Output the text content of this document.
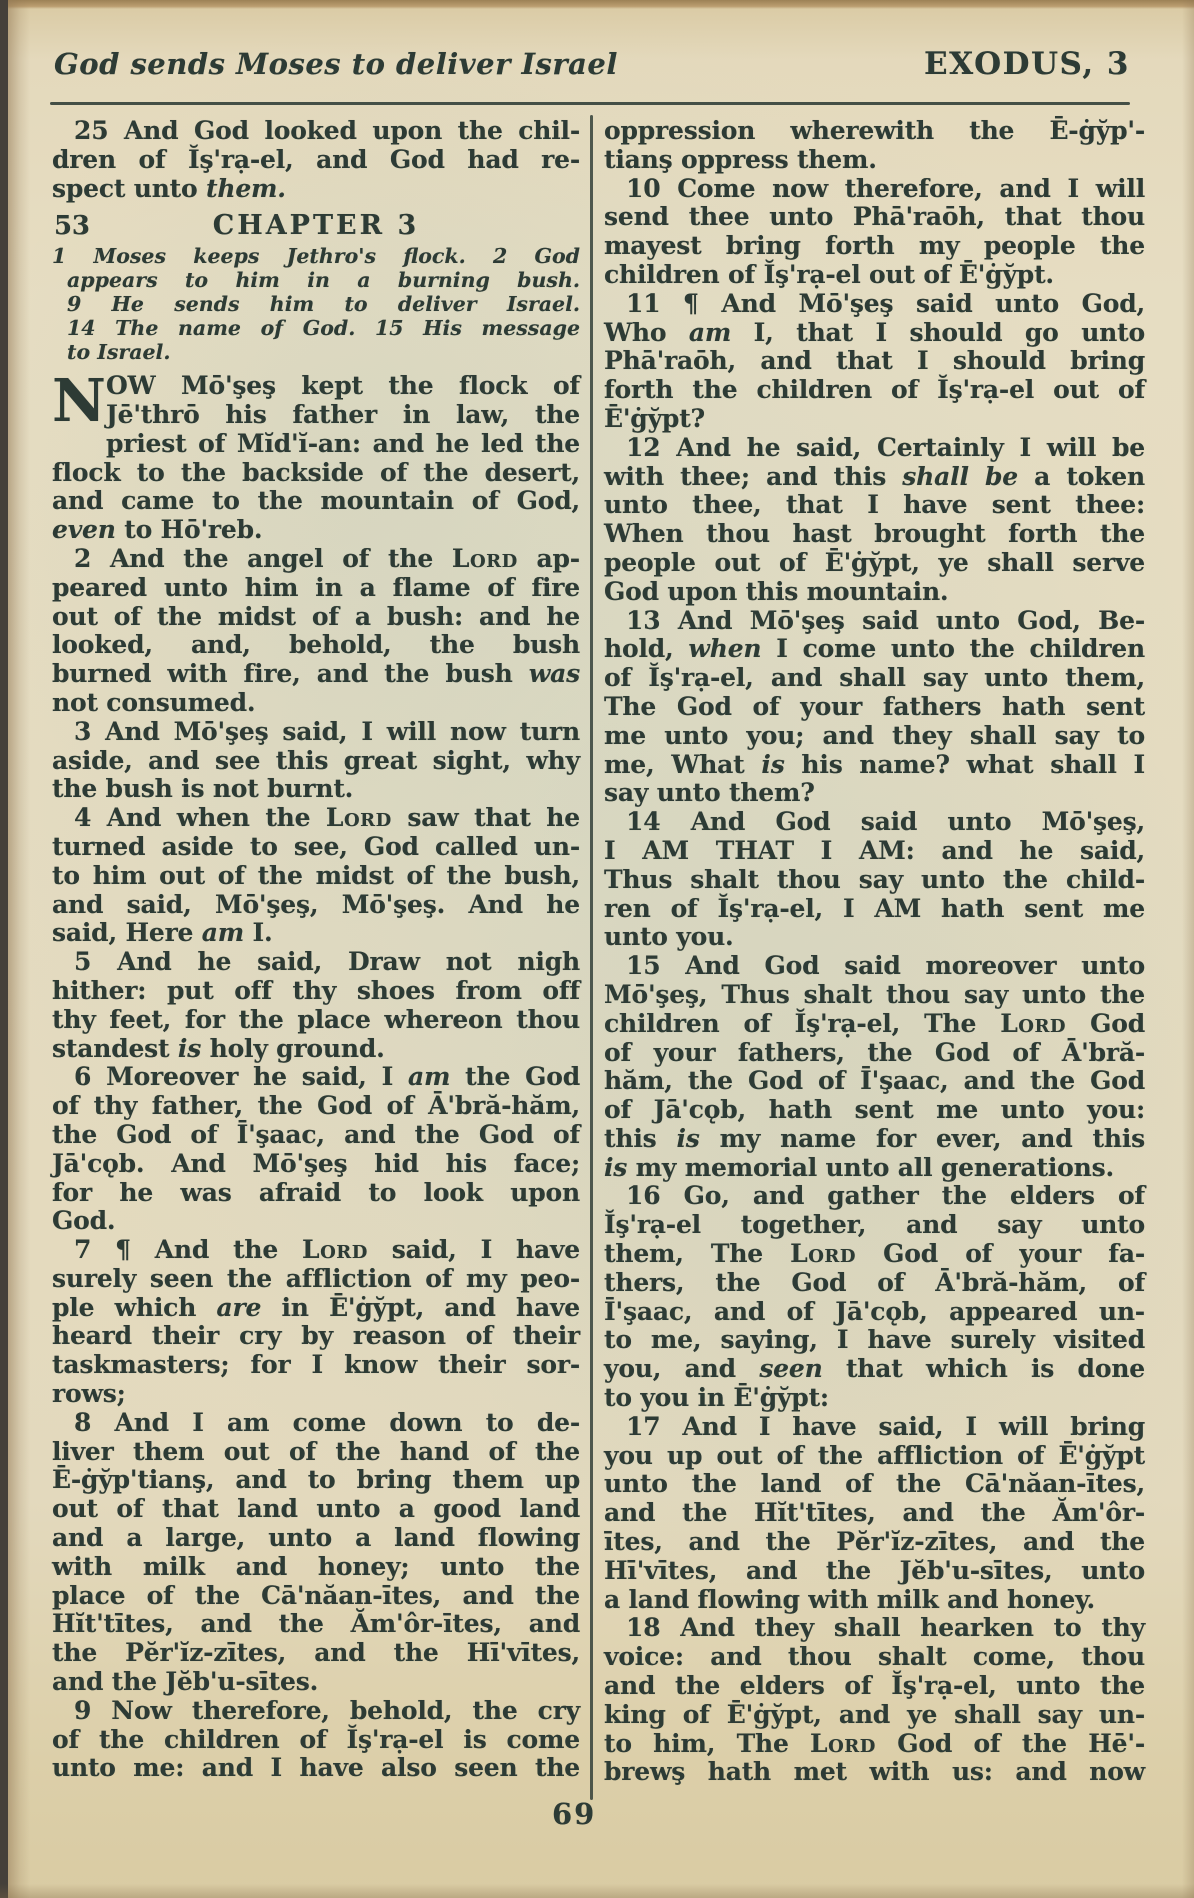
God sends Moses to deliver Israel	EXODUS, 3
25 And God looked upon the chil-
dren of Ĭş'rạ-el, and God had re-
spect unto them.
53	CHAPTER 3
1 Moses keeps Jethro's flock. 2 God
appears to him in a burning bush.
9 He sends him to deliver Israel.
14 The name of God. 15 His message
to Israel.
N OW Mō'şeş kept the flock of
Jē'thrō his father in law, the
priest of Mĭd'ĭ-an: and he led the
flock to the backside of the desert,
and came to the mountain of God,
even to Hō'reb.
2 And the angel of the Lord ap-
peared unto him in a flame of fire
out of the midst of a bush: and he
looked, and, behold, the bush
burned with fire, and the bush was
not consumed.
3 And Mō'şeş said, I will now turn
aside, and see this great sight, why
the bush is not burnt.
4 And when the Lord saw that he
turned aside to see, God called un-
to him out of the midst of the bush,
and said, Mō'şeş, Mō'şeş. And he
said, Here am I.
5 And he said, Draw not nigh
hither: put off thy shoes from off
thy feet, for the place whereon thou
standest is holy ground.
6 Moreover he said, I am the God
of thy father, the God of Ā'bră-hăm,
the God of Ī'şaac, and the God of
Jā'cǫb. And Mō'şeş hid his face;
for he was afraid to look upon
God.
7 ¶ And the Lord said, I have
surely seen the affliction of my peo-
ple which are in Ē'ġy̆pt, and have
heard their cry by reason of their
taskmasters; for I know their sor-
rows;
8 And I am come down to de-
liver them out of the hand of the
Ē-ġy̆p'tianş, and to bring them up
out of that land unto a good land
and a large, unto a land flowing
with milk and honey; unto the
place of the Cā'năan-ītes, and the
Hĭt'tītes, and the Ăm'ôr-ītes, and
the Pĕr'ĭz-zītes, and the Hī'vītes,
and the Jĕb'u-sītes.
9 Now therefore, behold, the cry
of the children of Ĭş'rạ-el is come
unto me: and I have also seen the
oppression wherewith the Ē-ġy̆p'-
tianş oppress them.
10 Come now therefore, and I will
send thee unto Phā'raōh, that thou
mayest bring forth my people the
children of Ĭş'rạ-el out of Ē'ġy̆pt.
11 ¶ And Mō'şeş said unto God,
Who am I, that I should go unto
Phā'raōh, and that I should bring
forth the children of Ĭş'rạ-el out of
Ē'ġy̆pt?
12 And he said, Certainly I will be
with thee; and this shall be a token
unto thee, that I have sent thee:
When thou hast brought forth the
people out of Ē'ġy̆pt, ye shall serve
God upon this mountain.
13 And Mō'şeş said unto God, Be-
hold, when I come unto the children
of Ĭş'rạ-el, and shall say unto them,
The God of your fathers hath sent
me unto you; and they shall say to
me, What is his name? what shall I
say unto them?
14 And God said unto Mō'şeş,
I AM THAT I AM: and he said,
Thus shalt thou say unto the child-
ren of Ĭş'rạ-el, I AM hath sent me
unto you.
15 And God said moreover unto
Mō'şeş, Thus shalt thou say unto the
children of Ĭş'rạ-el, The Lord God
of your fathers, the God of Ā'bră-
hăm, the God of Ī'şaac, and the God
of Jā'cǫb, hath sent me unto you:
this is my name for ever, and this
is my memorial unto all generations.
16 Go, and gather the elders of
Ĭş'rạ-el together, and say unto
them, The Lord God of your fa-
thers, the God of Ā'bră-hăm, of
Ī'şaac, and of Jā'cǫb, appeared un-
to me, saying, I have surely visited
you, and seen that which is done
to you in Ē'ġy̆pt:
17 And I have said, I will bring
you up out of the affliction of Ē'ġy̆pt
unto the land of the Cā'năan-ītes,
and the Hĭt'tītes, and the Ăm'ôr-
ītes, and the Pĕr'ĭz-zītes, and the
Hī'vītes, and the Jĕb'u-sītes, unto
a land flowing with milk and honey.
18 And they shall hearken to thy
voice: and thou shalt come, thou
and the elders of Ĭş'rạ-el, unto the
king of Ē'ġy̆pt, and ye shall say un-
to him, The Lord God of the Hē'-
brewş hath met with us: and now
69
